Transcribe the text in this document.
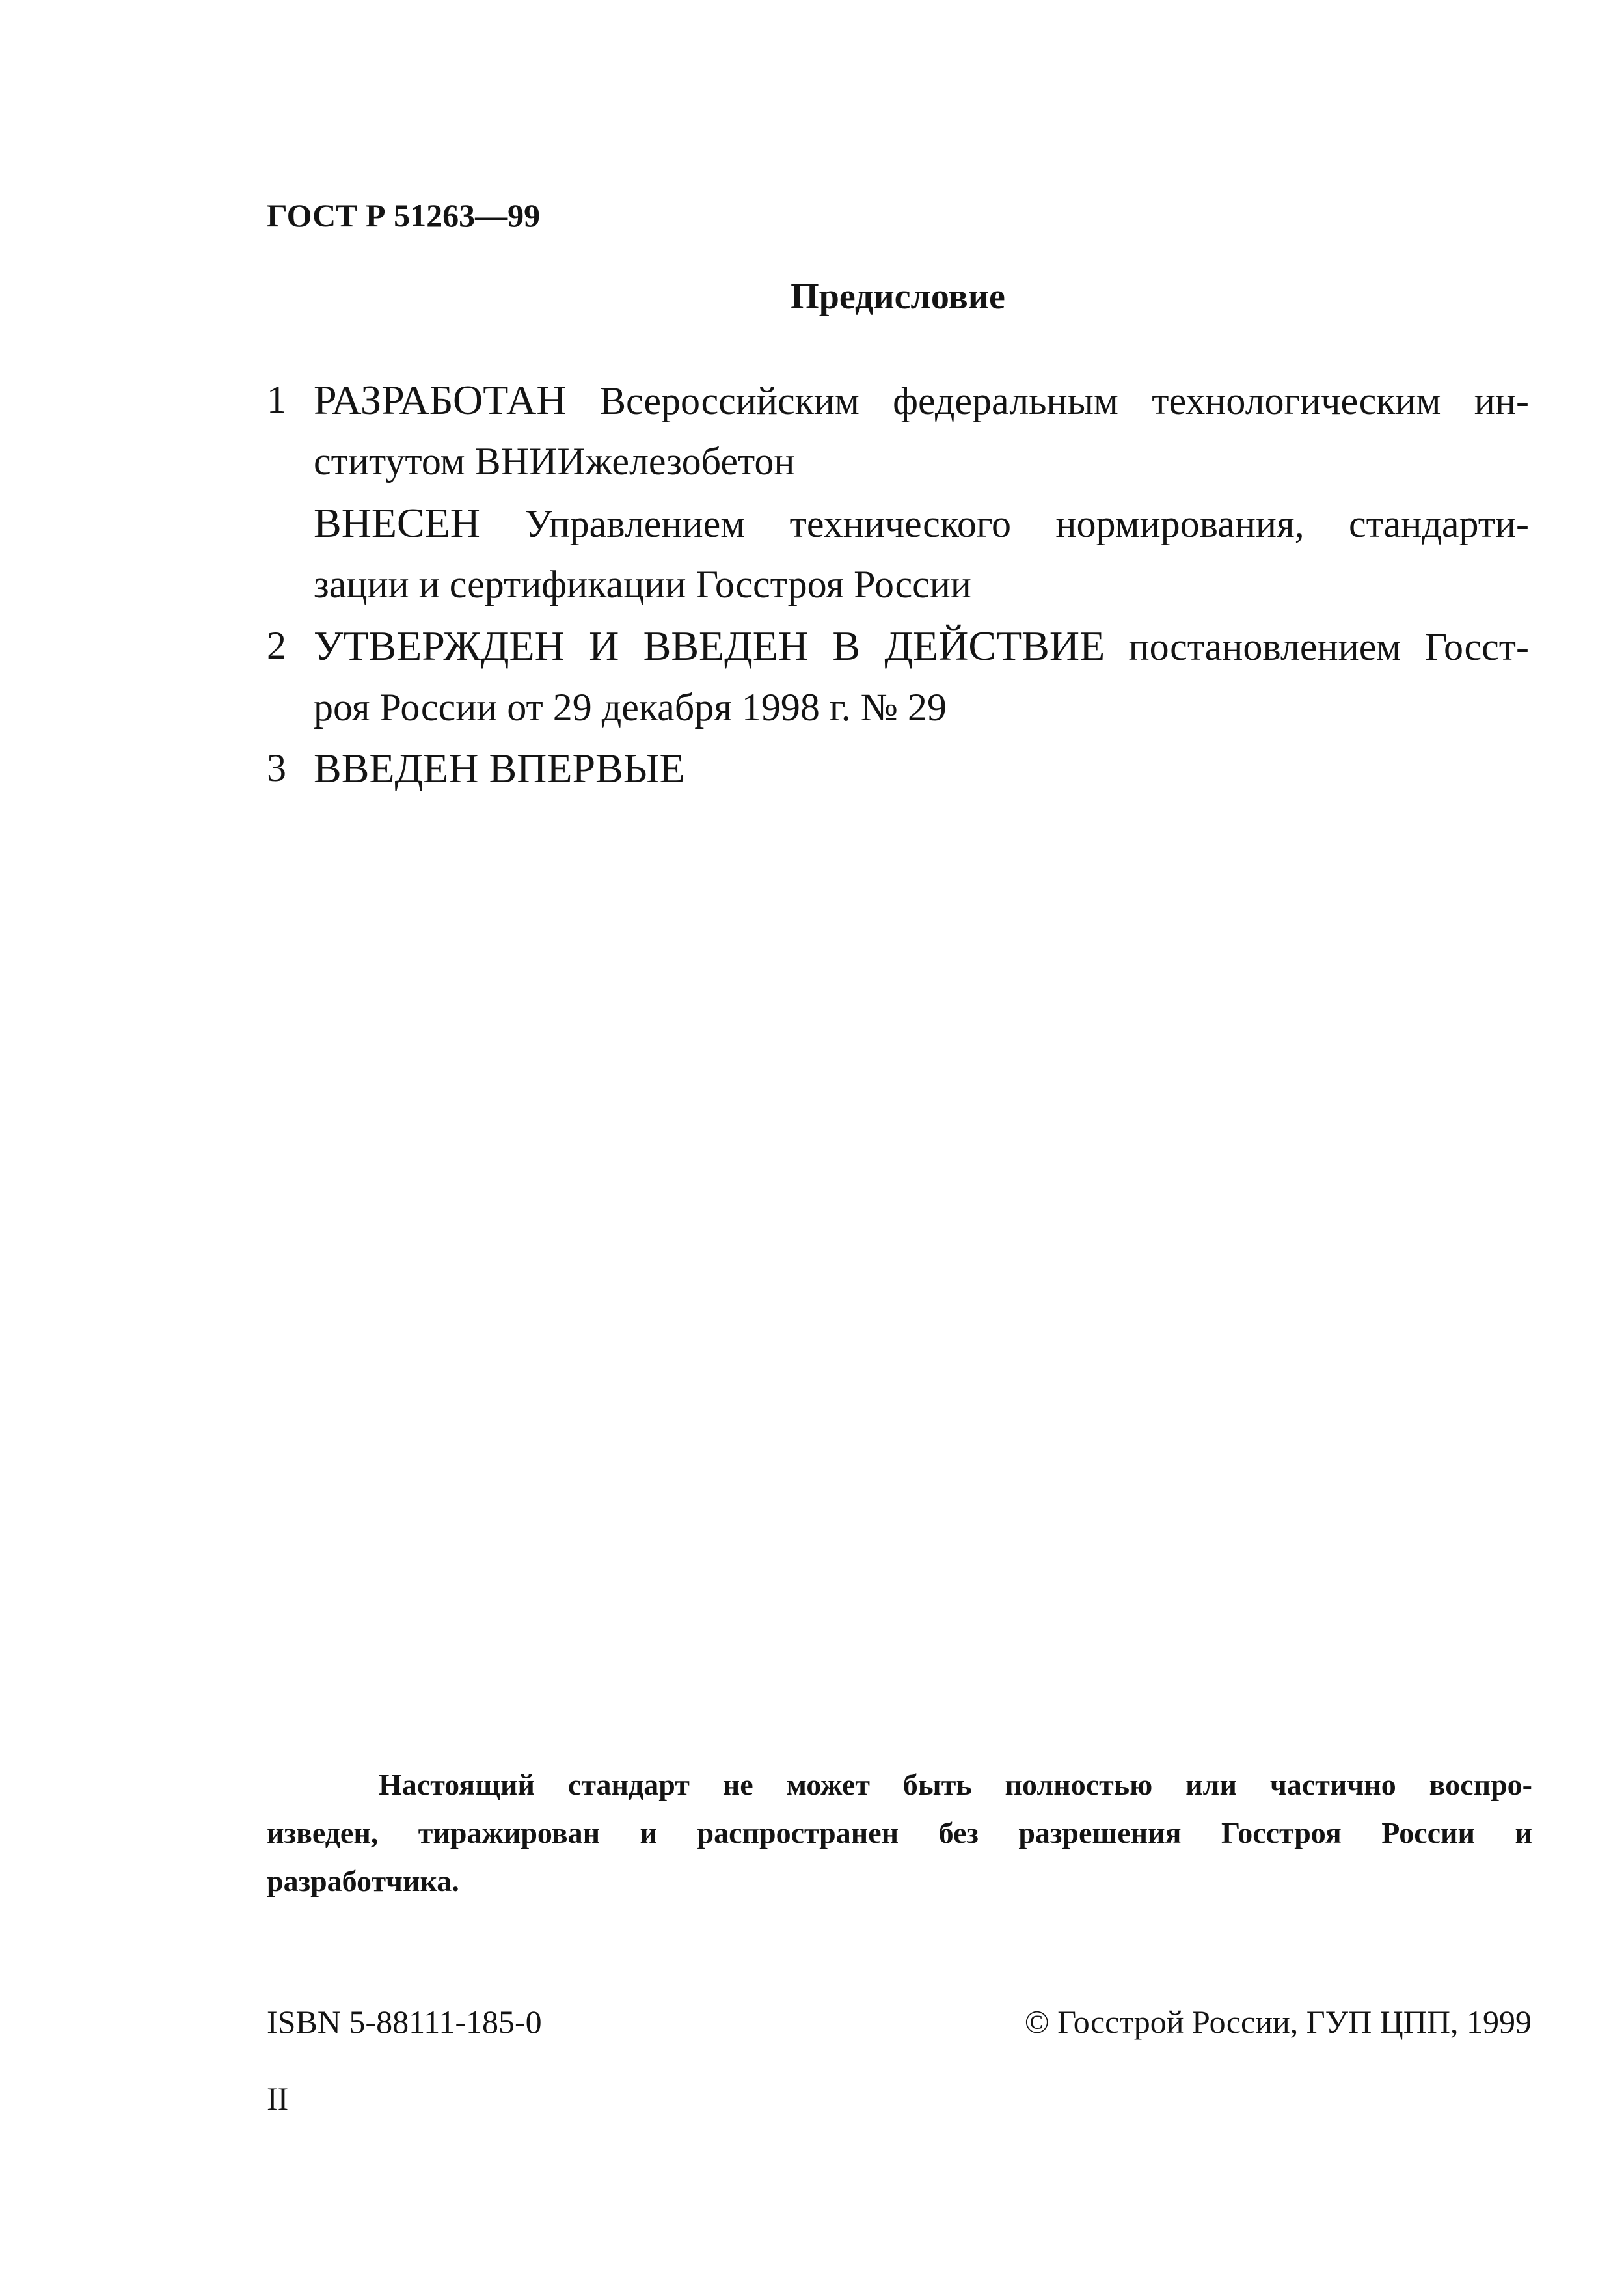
ГОСТ Р 51263—99
Предисловие
1 РАЗРАБОТАН Всероссийским федеральным технологическим ин-
ститутом ВНИИжелезобетон
ВНЕСЕН Управлением технического нормирования, стандарти-
зации и сертификации Госстроя России
2 УТВЕРЖДЕН И ВВЕДЕН В ДЕЙСТВИЕ постановлением Госст-
роя России от 29 декабря 1998 г. № 29
3 ВВЕДЕН ВПЕРВЫЕ
Настоящий стандарт не может быть полностью или частично воспро-
изведен, тиражирован и распространен без разрешения Госстроя России и
разработчика.
ISBN 5-88111-185-0	© Госстрой России, ГУП ЦПП, 1999
II
